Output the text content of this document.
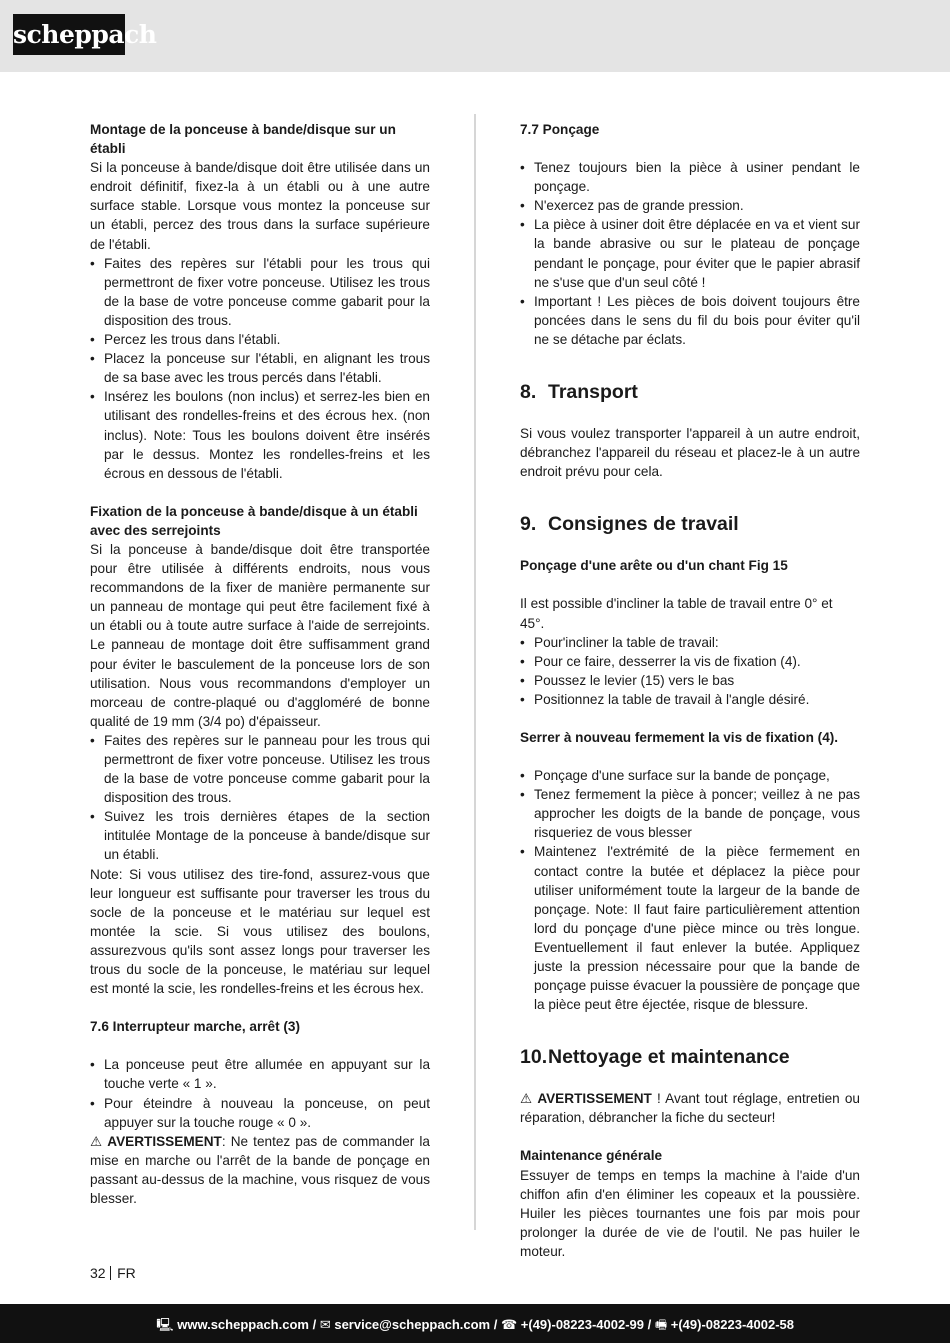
scheppach
Montage de la ponceuse à bande/disque sur un établi
Si la ponceuse à bande/disque doit être utilisée dans un endroit définitif, fixez-la à un établi ou à une autre surface stable. Lorsque vous montez la ponceuse sur un établi, percez des trous dans la surface supérieure de l'établi.
• Faites des repères sur l'établi pour les trous qui permettront de fixer votre ponceuse. Utilisez les trous de la base de votre ponceuse comme gabarit pour la disposition des trous.
• Percez les trous dans l'établi.
• Placez la ponceuse sur l'établi, en alignant les trous de sa base avec les trous percés dans l'établi.
• Insérez les boulons (non inclus) et serrez-les bien en utilisant des rondelles-freins et des écrous hex. (non inclus). Note: Tous les boulons doivent être insérés par le dessus. Montez les rondelles-freins et les écrous en dessous de l'établi.
Fixation de la ponceuse à bande/disque à un établi avec des serrejoints
Si la ponceuse à bande/disque doit être transportée pour être utilisée à différents endroits, nous vous recommandons de la fixer de manière permanente sur un panneau de montage qui peut être facilement fixé à un établi ou à toute autre surface à l'aide de serrejoints. Le panneau de montage doit être suffisamment grand pour éviter le basculement de la ponceuse lors de son utilisation. Nous vous recommandons d'employer un morceau de contre-plaqué ou d'aggloméré de bonne qualité de 19 mm (3/4 po) d'épaisseur.
• Faites des repères sur le panneau pour les trous qui permettront de fixer votre ponceuse. Utilisez les trous de la base de votre ponceuse comme gabarit pour la disposition des trous.
• Suivez les trois dernières étapes de la section intitulée Montage de la ponceuse à bande/disque sur un établi.
Note: Si vous utilisez des tire-fond, assurez-vous que leur longueur est suffisante pour traverser les trous du socle de la ponceuse et le matériau sur lequel est montée la scie. Si vous utilisez des boulons, assurezvous qu'ils sont assez longs pour traverser les trous du socle de la ponceuse, le matériau sur lequel est monté la scie, les rondelles-freins et les écrous hex.
7.6 Interrupteur marche, arrêt (3)
• La ponceuse peut être allumée en appuyant sur la touche verte « 1 ».
• Pour éteindre à nouveau la ponceuse, on peut appuyer sur la touche rouge « 0 ».
⚠ AVERTISSEMENT: Ne tentez pas de commander la mise en marche ou l'arrêt de la bande de ponçage en passant au-dessus de la machine, vous risquez de vous blesser.
7.7 Ponçage
• Tenez toujours bien la pièce à usiner pendant le ponçage.
• N'exercez pas de grande pression.
• La pièce à usiner doit être déplacée en va et vient sur la bande abrasive ou sur le plateau de ponçage pendant le ponçage, pour éviter que le papier abrasif ne s'use que d'un seul côté !
• Important ! Les pièces de bois doivent toujours être poncées dans le sens du fil du bois pour éviter qu'il ne se détache par éclats.
8. Transport
Si vous voulez transporter l'appareil à un autre endroit, débranchez l'appareil du réseau et placez-le à un autre endroit prévu pour cela.
9. Consignes de travail
Ponçage d'une arête ou d'un chant Fig 15
Il est possible d'incliner la table de travail entre 0° et 45°.
• Pour'incliner la table de travail:
• Pour ce faire, desserrer la vis de fixation (4).
• Poussez le levier (15) vers le bas
• Positionnez la table de travail à l'angle désiré.
Serrer à nouveau fermement la vis de fixation (4).
• Ponçage d'une surface sur la bande de ponçage,
• Tenez fermement la pièce à poncer; veillez à ne pas approcher les doigts de la bande de ponçage, vous risqueriez de vous blesser
• Maintenez l'extrémité de la pièce fermement en contact contre la butée et déplacez la pièce pour utiliser uniformément toute la largeur de la bande de ponçage. Note: Il faut faire particulièrement attention lord du ponçage d'une pièce mince ou très longue. Eventuellement il faut enlever la butée. Appliquez juste la pression nécessaire pour que la bande de ponçage puisse évacuer la poussière de ponçage que la pièce peut être éjectée, risque de blessure.
10.Nettoyage et maintenance
⚠ AVERTISSEMENT ! Avant tout réglage, entretien ou réparation, débrancher la fiche du secteur!
Maintenance générale
Essuyer de temps en temps la machine à l'aide d'un chiffon afin d'en éliminer les copeaux et la poussière. Huiler les pièces tournantes une fois par mois pour prolonger la durée de vie de l'outil. Ne pas huiler le moteur.
32 FR
🖳 www.scheppach.com / ✉ service@scheppach.com / ☎ +(49)-08223-4002-99 / 🖷 +(49)-08223-4002-58
